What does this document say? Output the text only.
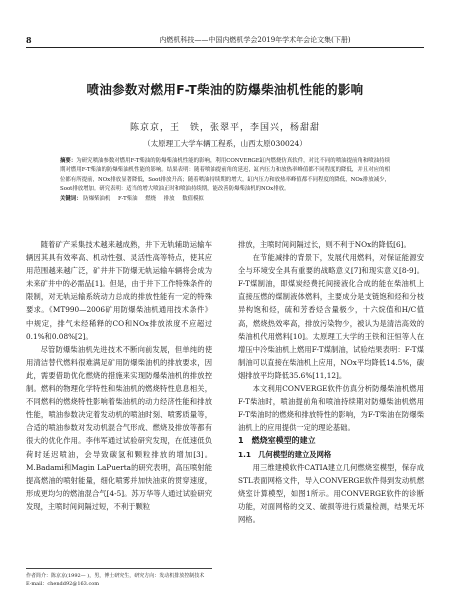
8	内燃机科技——中国内燃机学会2019年学术年会论文集(下册)
喷油参数对燃用F-T柴油的防爆柴油机性能的影响
陈京京，王　铁，张翠平，李国兴，杨甜甜
（太原理工大学车辆工程系，山西太原030024）
摘要：为研究喷油参数对燃用F-T柴油的防爆柴油机性能的影响，利用CONVERGE缸内燃烧仿真软件，对比不同的喷油提前角和喷油持续期对燃用F-T柴油的防爆柴油机性能的影响。结果表明：随着喷油提前角的延迟，缸内压力和放热率峰值都不同程度的降低，并且对应的相位都有所提前，NOx排放显著降低，Soot排放升高；随着喷油持续期的增大，缸内压力和放热率峰值都不同程度的降低，NOx排放减少，Soot排放增加。研究表明：适当的增大喷油正时和喷油持续期，能改善防爆柴油机的NOx排放。
关键词： 防爆柴油机 F-T柴油 燃烧 排放 数值模拟

随着矿产采集技术越来越成熟，井下无轨辅助运输车辆因其具有效率高、机动性强、灵活性高等特点，使其应用范围越来越广泛，矿井井下防爆无轨运输车辆将会成为未来矿井中的必需品[1]。但是，由于井下工作特殊条件的限制，对无轨运输系统动力总成的排放性能有一定的特殊要求。《MT990—2006矿用防爆柴油机通用技术条件》中规定，排气未经稀释的CO和NOx排放浓度不应超过0.1%和0.08%[2]。

尽管防爆柴油机先进技术不断向前发展，但单纯的使用清洁替代燃料很难满足矿用防爆柴油机的排放要求，因此，需要借助优化燃烧的措施来实现防爆柴油机的排放控制。燃料的物理化学特性和柴油机的燃烧特性息息相关，不同燃料的燃烧特性影响着柴油机的动力经济性能和排放性能，喷油参数决定着发动机的喷油时刻、喷雾质量等，合适的喷油参数对发动机混合气形成、燃烧及排放等都有很大的优化作用。李伟军通过试验研究发现，在低速低负荷时延迟喷油，会导致碳氢和颗粒排放的增加[3]。M.Badami和Magin LaPuerta的研究表明，高压喷射能提高燃油的喷射能量，细化喷雾并加快油束的贯穿速度，形成更均匀的燃油混合气[4-5]。苏万华等人通过试验研究发现，主喷时间间隔过短，不利于颗粒

排放，主喷时间间隔过长，则不利于NOx的降低[6]。

在节能减排的背景下，发展代用燃料，对保证能源安全与环境安全具有重要的战略意义[7]和现实意义[8-9]。F-T煤制油，即煤炭经费托间接液化合成的能在柴油机上直接压燃的煤制液体燃料，主要成分是支链饱和烃和分枝异构饱和烃，硫和芳香烃含量极少，十六烷值和H/C值高，燃烧热效率高，排放污染物少，被认为是清洁高效的柴油机代用燃料[10]。太原理工大学的王铁和汪恒等人在增压中冷柴油机上燃用F-T煤制油，试验结果表明：F-T煤制油可以直接在柴油机上应用，NOx平均降低14.5%，碳烟排放平均降低35.6%[11,12]。

本文利用CONVERGE软件仿真分析防爆柴油机燃用F-T柴油时，喷油提前角和喷油持续期对防爆柴油机燃用F-T柴油时的燃烧和排放特性的影响，为F-T柴油在防爆柴油机上的应用提供一定的理论基础。

1　燃烧室模型的建立

1.1　几何模型的建立及网格

用三维建模软件CATIA建立几何燃烧室模型，保存成STL表面网格文件，导入CONVERGE软件得到发动机燃烧室计算模型，如图1所示。用CONVERGE软件的诊断功能，对面网格的交叉、破损等进行质量检测，结果无坏网格。

作者简介：陈京京(1992— )，男，博士研究生，研究方向：发动机排放控制技术
E-mail：chendd92@163.com
